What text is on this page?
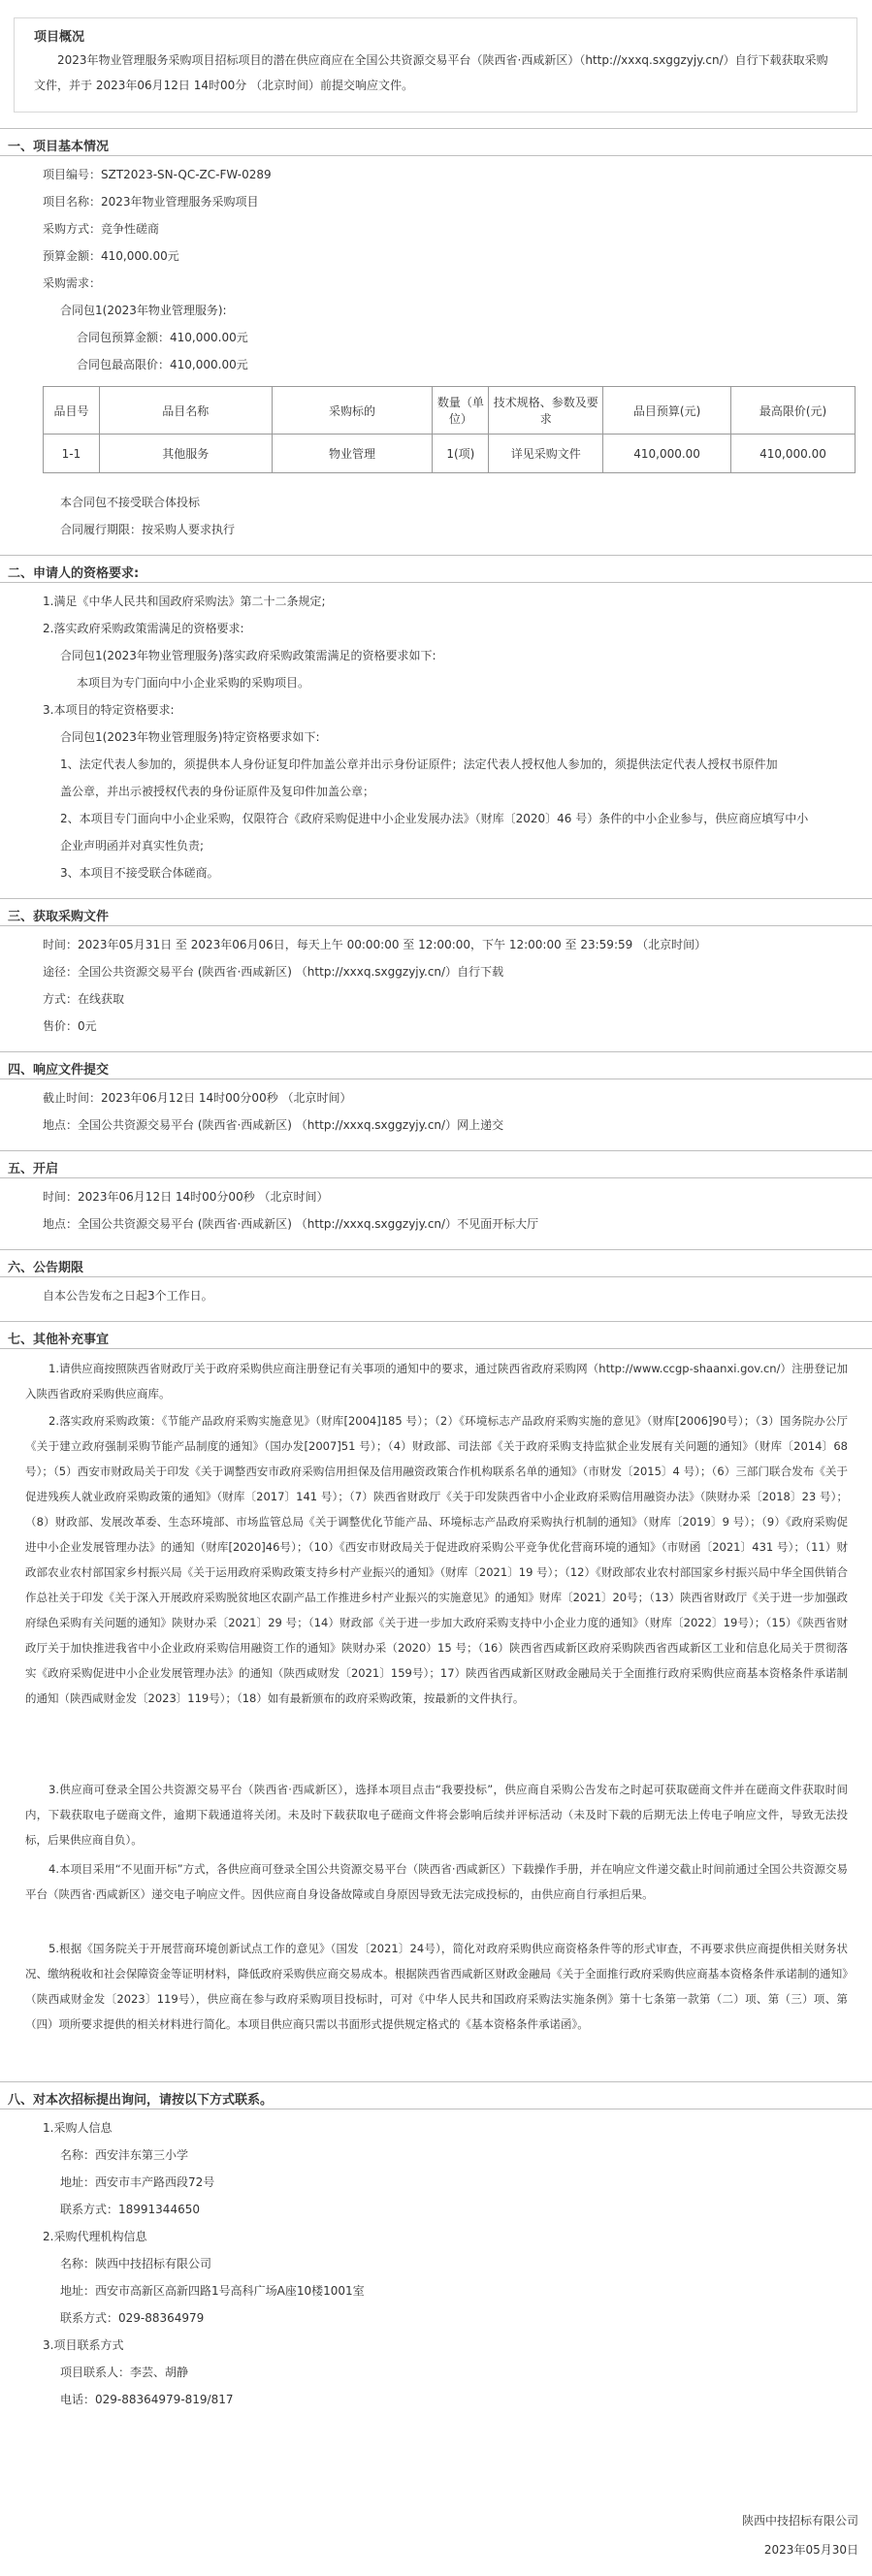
项目概况
2023年物业管理服务采购项目招标项目的潜在供应商应在全国公共资源交易平台（陕西省·西咸新区）（http://xxxq.sxggzyjy.cn/）自行下载获取采购文件，并于 2023年06月12日 14时00分 （北京时间）前提交响应文件。
一、项目基本情况
项目编号：SZT2023-SN-QC-ZC-FW-0289
项目名称：2023年物业管理服务采购项目
采购方式：竞争性磋商
预算金额：410,000.00元
采购需求：
合同包1(2023年物业管理服务):
合同包预算金额：410,000.00元
合同包最高限价：410,000.00元
品目号	品目名称	采购标的	数量（单位）	技术规格、参数及要求	品目预算(元)	最高限价(元)
1-1	其他服务	物业管理	1(项)	详见采购文件	410,000.00	410,000.00
本合同包不接受联合体投标
合同履行期限：按采购人要求执行
二、申请人的资格要求:
1.满足《中华人民共和国政府采购法》第二十二条规定;
2.落实政府采购政策需满足的资格要求:
合同包1(2023年物业管理服务)落实政府采购政策需满足的资格要求如下:
本项目为专门面向中小企业采购的采购项目。
3.本项目的特定资格要求:
合同包1(2023年物业管理服务)特定资格要求如下:
1、法定代表人参加的，须提供本人身份证复印件加盖公章并出示身份证原件；法定代表人授权他人参加的，须提供法定代表人授权书原件加
盖公章，并出示被授权代表的身份证原件及复印件加盖公章；
2、本项目专门面向中小企业采购，仅限符合《政府采购促进中小企业发展办法》（财库〔2020〕46 号）条件的中小企业参与，供应商应填写中小
企业声明函并对真实性负责;
3、本项目不接受联合体磋商。
三、获取采购文件
时间：2023年05月31日 至 2023年06月06日，每天上午 00:00:00 至 12:00:00，下午 12:00:00 至 23:59:59 （北京时间）
途径：全国公共资源交易平台 (陕西省·西咸新区) （http://xxxq.sxggzyjy.cn/）自行下载
方式：在线获取
售价：0元
四、响应文件提交
截止时间：2023年06月12日 14时00分00秒 （北京时间）
地点：全国公共资源交易平台 (陕西省·西咸新区) （http://xxxq.sxggzyjy.cn/）网上递交
五、开启
时间：2023年06月12日 14时00分00秒 （北京时间）
地点：全国公共资源交易平台 (陕西省·西咸新区) （http://xxxq.sxggzyjy.cn/）不见面开标大厅
六、公告期限
自本公告发布之日起3个工作日。
七、其他补充事宜
1.请供应商按照陕西省财政厅关于政府采购供应商注册登记有关事项的通知中的要求，通过陕西省政府采购网（http://www.ccgp-shaanxi.gov.cn/）注册登记加入陕西省政府采购供应商库。
2.落实政府采购政策：《节能产品政府采购实施意见》（财库[2004]185 号）；（2）《环境标志产品政府采购实施的意见》（财库[2006]90号）；（3）国务院办公厅《关于建立政府强制采购节能产品制度的通知》（国办发[2007]51 号）；（4）财政部、司法部《关于政府采购支持监狱企业发展有关问题的通知》（财库〔2014〕68 号）；（5）西安市财政局关于印发《关于调整西安市政府采购信用担保及信用融资政策合作机构联系名单的通知》（市财发〔2015〕4 号）；（6）三部门联合发布《关于促进残疾人就业政府采购政策的通知》（财库〔2017〕141 号）；（7）陕西省财政厅《关于印发陕西省中小企业政府采购信用融资办法》（陕财办采〔2018〕23 号）；（8）财政部、发展改革委、生态环境部、市场监管总局《关于调整优化节能产品、环境标志产品政府采购执行机制的通知》（财库〔2019〕9 号）；（9）《政府采购促进中小企业发展管理办法》的通知（财库[2020]46号）；（10）《西安市财政局关于促进政府采购公平竞争优化营商环境的通知》（市财函〔2021〕431 号）；（11）财政部农业农村部国家乡村振兴局《关于运用政府采购政策支持乡村产业振兴的通知》（财库〔2021〕19 号）；（12）《财政部农业农村部国家乡村振兴局中华全国供销合作总社关于印发《关于深入开展政府采购脱贫地区农副产品工作推进乡村产业振兴的实施意见》的通知》财库〔2021〕20号；（13）陕西省财政厅《关于进一步加强政府绿色采购有关问题的通知》陕财办采〔2021〕29 号；（14）财政部《关于进一步加大政府采购支持中小企业力度的通知》（财库〔2022〕19号）；（15）《陕西省财政厅关于加快推进我省中小企业政府采购信用融资工作的通知》陕财办采（2020）15 号；（16）陕西省西咸新区政府采购陕西省西咸新区工业和信息化局关于贯彻落实《政府采购促进中小企业发展管理办法》的通知（陕西咸财发〔2021〕159号）；17）陕西省西咸新区财政金融局关于全面推行政府采购供应商基本资格条件承诺制的通知（陕西咸财金发〔2023〕119号）；（18）如有最新颁布的政府采购政策，按最新的文件执行。
3.供应商可登录全国公共资源交易平台（陕西省·西咸新区），选择本项目点击“我要投标”，供应商自采购公告发布之时起可获取磋商文件并在磋商文件获取时间内，下载获取电子磋商文件，逾期下载通道将关闭。未及时下载获取电子磋商文件将会影响后续并评标活动（未及时下载的后期无法上传电子响应文件，导致无法投标，后果供应商自负）。
4.本项目采用“不见面开标”方式，各供应商可登录全国公共资源交易平台（陕西省·西咸新区）下载操作手册，并在响应文件递交截止时间前通过全国公共资源交易平台（陕西省·西咸新区）递交电子响应文件。因供应商自身设备故障或自身原因导致无法完成投标的，由供应商自行承担后果。
5.根据《国务院关于开展营商环境创新试点工作的意见》（国发〔2021〕24号），简化对政府采购供应商资格条件等的形式审查，不再要求供应商提供相关财务状况、缴纳税收和社会保障资金等证明材料，降低政府采购供应商交易成本。根据陕西省西咸新区财政金融局《关于全面推行政府采购供应商基本资格条件承诺制的通知》（陕西咸财金发〔2023〕119号），供应商在参与政府采购项目投标时，可对《中华人民共和国政府采购法实施条例》第十七条第一款第（二）项、第（三）项、第（四）项所要求提供的相关材料进行简化。本项目供应商只需以书面形式提供规定格式的《基本资格条件承诺函》。
八、对本次招标提出询问，请按以下方式联系。
1.采购人信息
名称：西安沣东第三小学
地址：西安市丰产路西段72号
联系方式：18991344650
2.采购代理机构信息
名称：陕西中技招标有限公司
地址：西安市高新区高新四路1号高科广场A座10楼1001室
联系方式：029-88364979
3.项目联系方式
项目联系人：李芸、胡静
电话：029-88364979-819/817
陕西中技招标有限公司
2023年05月30日
